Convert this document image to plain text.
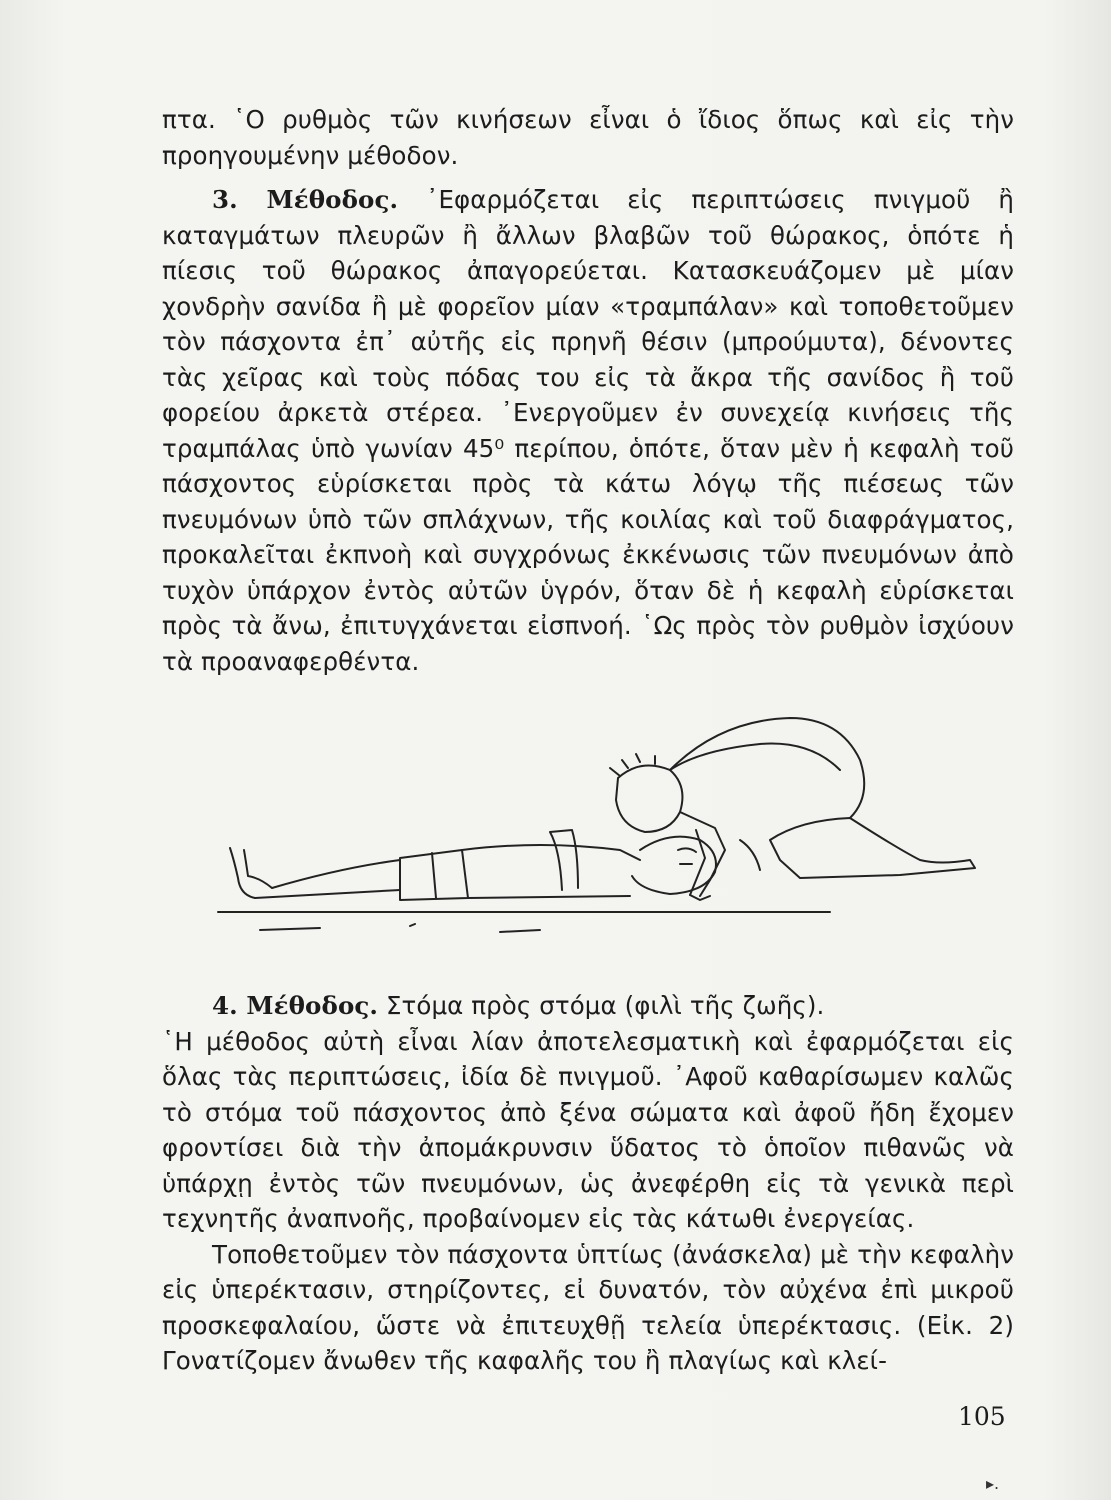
πτα. ῾Ο ρυθμὸς τῶν κινήσεων εἶναι ὁ ἴδιος ὅπως καὶ εἰς τὴν προηγουμένην μέθοδον.

3. Μέθοδος. ᾿Εφαρμόζεται εἰς περιπτώσεις πνιγμοῦ ἢ καταγμάτων πλευρῶν ἢ ἄλλων βλαβῶν τοῦ θώρακος, ὁπότε ἡ πίεσις τοῦ θώρακος ἀπαγορεύεται. Κατασκευάζομεν μὲ μίαν χονδρὴν σανίδα ἢ μὲ φορεῖον μίαν «τραμπάλαν» καὶ τοποθετοῦμεν τὸν πάσχοντα ἐπ᾿ αὐτῆς εἰς πρηνῆ θέσιν (μπρούμυτα), δένοντες τὰς χεῖρας καὶ τοὺς πόδας του εἰς τὰ ἄκρα τῆς σανίδος ἢ τοῦ φορείου ἀρκετὰ στέρεα. ᾿Ενεργοῦμεν ἐν συνεχείᾳ κινήσεις τῆς τραμπάλας ὑπὸ γωνίαν 45⁰ περίπου, ὁπότε, ὅταν μὲν ἡ κεφαλὴ τοῦ πάσχοντος εὑρίσκεται πρὸς τὰ κάτω λόγῳ τῆς πιέσεως τῶν πνευμόνων ὑπὸ τῶν σπλάχνων, τῆς κοιλίας καὶ τοῦ διαφράγματος, προκαλεῖται ἐκπνοὴ καὶ συγχρόνως ἐκκένωσις τῶν πνευμόνων ἀπὸ τυχὸν ὑπάρχον ἐντὸς αὐτῶν ὑγρόν, ὅταν δὲ ἡ κεφαλὴ εὑρίσκεται πρὸς τὰ ἄνω, ἐπιτυγχάνεται εἰσπνοή. ῾Ως πρὸς τὸν ρυθμὸν ἰσχύουν τὰ προαναφερθέντα.

4. Μέθοδος. Στόμα πρὸς στόμα (φιλὶ τῆς ζωῆς).

῾Η μέθοδος αὐτὴ εἶναι λίαν ἀποτελεσματικὴ καὶ ἐφαρμόζεται εἰς ὅλας τὰς περιπτώσεις, ἰδία δὲ πνιγμοῦ. ᾿Αφοῦ καθαρίσωμεν καλῶς τὸ στόμα τοῦ πάσχοντος ἀπὸ ξένα σώματα καὶ ἀφοῦ ἤδη ἔχομεν φροντίσει διὰ τὴν ἀπομάκρυνσιν ὕδατος τὸ ὁποῖον πιθανῶς νὰ ὑπάρχῃ ἐντὸς τῶν πνευμόνων, ὡς ἀνεφέρθη εἰς τὰ γενικὰ περὶ τεχνητῆς ἀναπνοῆς, προβαίνομεν εἰς τὰς κάτωθι ἐνεργείας.

Τοποθετοῦμεν τὸν πάσχοντα ὑπτίως (ἀνάσκελα) μὲ τὴν κεφαλὴν εἰς ὑπερέκτασιν, στηρίζοντες, εἰ δυνατόν, τὸν αὐχένα ἐπὶ μικροῦ προσκεφαλαίου, ὥστε νὰ ἐπιτευχθῇ τελεία ὑπερέκτασις. (Εἰκ. 2) Γονατίζομεν ἄνωθεν τῆς καφαλῆς του ἢ πλαγίως καὶ κλεί-

105
▸.
